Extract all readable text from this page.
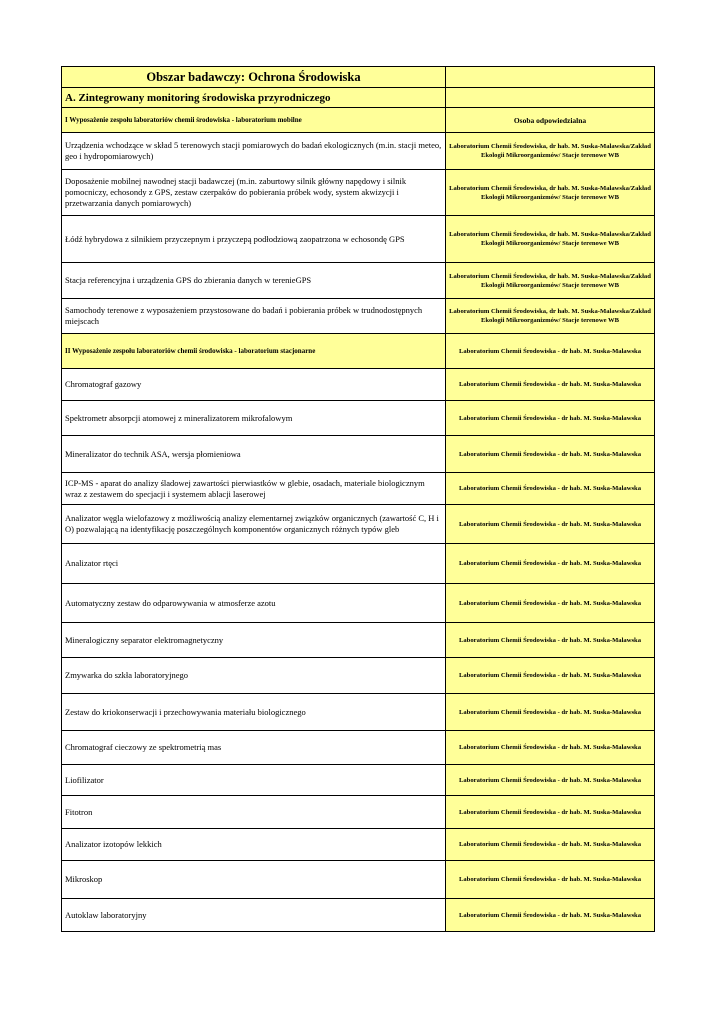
Obszar badawczy: Ochrona Środowiska	
A. Zintegrowany monitoring środowiska przyrodniczego	
I Wyposażenie zespołu laboratoriów chemii środowiska - laboratorium mobilne	Osoba odpowiedzialna
Urządzenia wchodzące w skład 5 terenowych stacji pomiarowych do badań ekologicznych (m.in. stacji meteo, geo i hydropomiarowych)	Laboratorium Chemii Środowiska, dr hab. M. Suska-Malawska/Zakład Ekologii Mikroorganizmów/ Stacje terenowe WB
Doposażenie mobilnej nawodnej stacji badawczej (m.in. zaburtowy silnik główny napędowy i silnik pomocniczy, echosondy z GPS, zestaw czerpaków do pobierania próbek wody, system akwizycji i przetwarzania danych pomiarowych)	Laboratorium Chemii Środowiska, dr hab. M. Suska-Malawska/Zakład Ekologii Mikroorganizmów/ Stacje terenowe WB
Łódź hybrydowa z silnikiem przyczepnym i przyczepą podłodziową zaopatrzona w echosondę GPS	Laboratorium Chemii Środowiska, dr hab. M. Suska-Malawska/Zakład Ekologii Mikroorganizmów/ Stacje terenowe WB
Stacja referencyjna i urządzenia GPS do zbierania danych w terenieGPS	Laboratorium Chemii Środowiska, dr hab. M. Suska-Malawska/Zakład Ekologii Mikroorganizmów/ Stacje terenowe WB
Samochody terenowe z wyposażeniem przystosowane do badań i pobierania próbek w trudnodostępnych miejscach	Laboratorium Chemii Środowiska, dr hab. M. Suska-Malawska/Zakład Ekologii Mikroorganizmów/ Stacje terenowe WB
II Wyposażenie zespołu laboratoriów chemii środowiska - laboratorium stacjonarne	Laboratorium Chemii Środowiska - dr hab. M. Suska-Malawska
Chromatograf gazowy	Laboratorium Chemii Środowiska - dr hab. M. Suska-Malawska
Spektrometr absorpcji atomowej z mineralizatorem mikrofalowym	Laboratorium Chemii Środowiska - dr hab. M. Suska-Malawska
Mineralizator do technik ASA, wersja płomieniowa	Laboratorium Chemii Środowiska - dr hab. M. Suska-Malawska
ICP-MS - aparat do analizy śladowej zawartości pierwiastków w glebie, osadach, materiale biologicznym wraz z zestawem do specjacji i systemem ablacji laserowej	Laboratorium Chemii Środowiska - dr hab. M. Suska-Malawska
Analizator węgla wielofazowy z możliwością analizy elementarnej związków organicznych (zawartość C, H i O) pozwalającą na identyfikację poszczególnych komponentów organicznych różnych typów gleb	Laboratorium Chemii Środowiska - dr hab. M. Suska-Malawska
Analizator rtęci	Laboratorium Chemii Środowiska - dr hab. M. Suska-Malawska
Automatyczny zestaw do odparowywania w atmosferze azotu	Laboratorium Chemii Środowiska - dr hab. M. Suska-Malawska
Mineralogiczny separator elektromagnetyczny	Laboratorium Chemii Środowiska - dr hab. M. Suska-Malawska
Zmywarka do szkła laboratoryjnego	Laboratorium Chemii Środowiska - dr hab. M. Suska-Malawska
Zestaw do kriokonserwacji i przechowywania materiału biologicznego	Laboratorium Chemii Środowiska - dr hab. M. Suska-Malawska
Chromatograf cieczowy ze spektrometrią mas	Laboratorium Chemii Środowiska - dr hab. M. Suska-Malawska
Liofilizator	Laboratorium Chemii Środowiska - dr hab. M. Suska-Malawska
Fitotron	Laboratorium Chemii Środowiska - dr hab. M. Suska-Malawska
Analizator izotopów lekkich	Laboratorium Chemii Środowiska - dr hab. M. Suska-Malawska
Mikroskop	Laboratorium Chemii Środowiska - dr hab. M. Suska-Malawska
Autoklaw laboratoryjny	Laboratorium Chemii Środowiska - dr hab. M. Suska-Malawska
